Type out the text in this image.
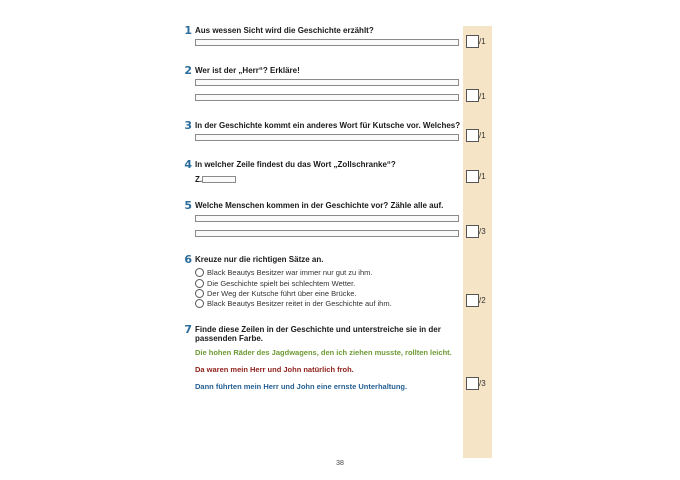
1 Aus wessen Sicht wird die Geschichte erzählt?
/1
2 Wer ist der „Herr“? Erkläre!
/1
3 In der Geschichte kommt ein anderes Wort für Kutsche vor. Welches?
/1
4 In welcher Zeile findest du das Wort „Zollschranke“?
Z.	/1
5 Welche Menschen kommen in der Geschichte vor? Zähle alle auf.
/3
6 Kreuze nur die richtigen Sätze an.
Black Beautys Besitzer war immer nur gut zu ihm.
Die Geschichte spielt bei schlechtem Wetter.
Der Weg der Kutsche führt über eine Brücke.
Black Beautys Besitzer reitet in der Geschichte auf ihm.	/2
7 Finde diese Zeilen in der Geschichte und unterstreiche sie in der
passenden Farbe.
Die hohen Räder des Jagdwagens, den ich ziehen musste, rollten leicht.
Da waren mein Herr und John natürlich froh.
Dann führten mein Herr und John eine ernste Unterhaltung.	/3
38
